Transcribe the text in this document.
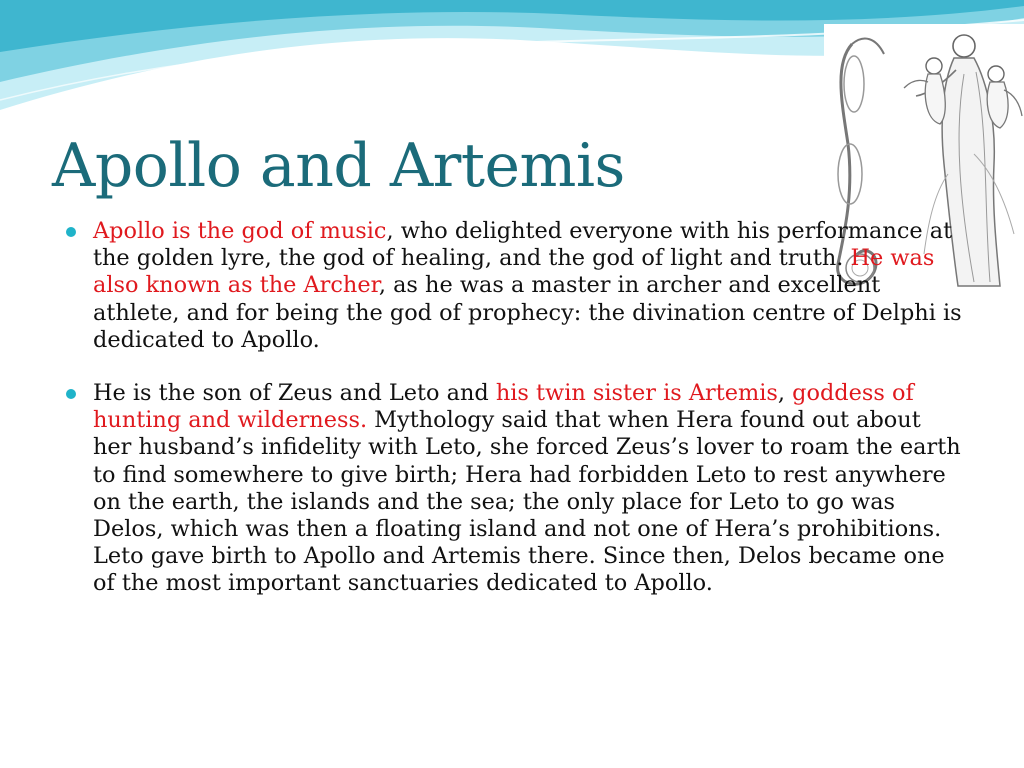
Apollo and Artemis
Apollo is the god of music, who delighted everyone with his performance at the golden lyre, the god of healing, and the god of light and truth. He was also known as the Archer, as he was a master in archer and excellent athlete, and for being the god of prophecy: the divination centre of Delphi is dedicated to Apollo.
He is the son of Zeus and Leto and his twin sister is Artemis, goddess of hunting and wilderness. Mythology said that when Hera found out about her husband’s infidelity with Leto, she forced Zeus’s lover to roam the earth to find somewhere to give birth; Hera had forbidden Leto to rest anywhere on the earth, the islands and the sea; the only place for Leto to go was Delos, which was then a floating island and not one of Hera’s prohibitions. Leto gave birth to Apollo and Artemis there. Since then, Delos became one of the most important sanctuaries dedicated to Apollo.
